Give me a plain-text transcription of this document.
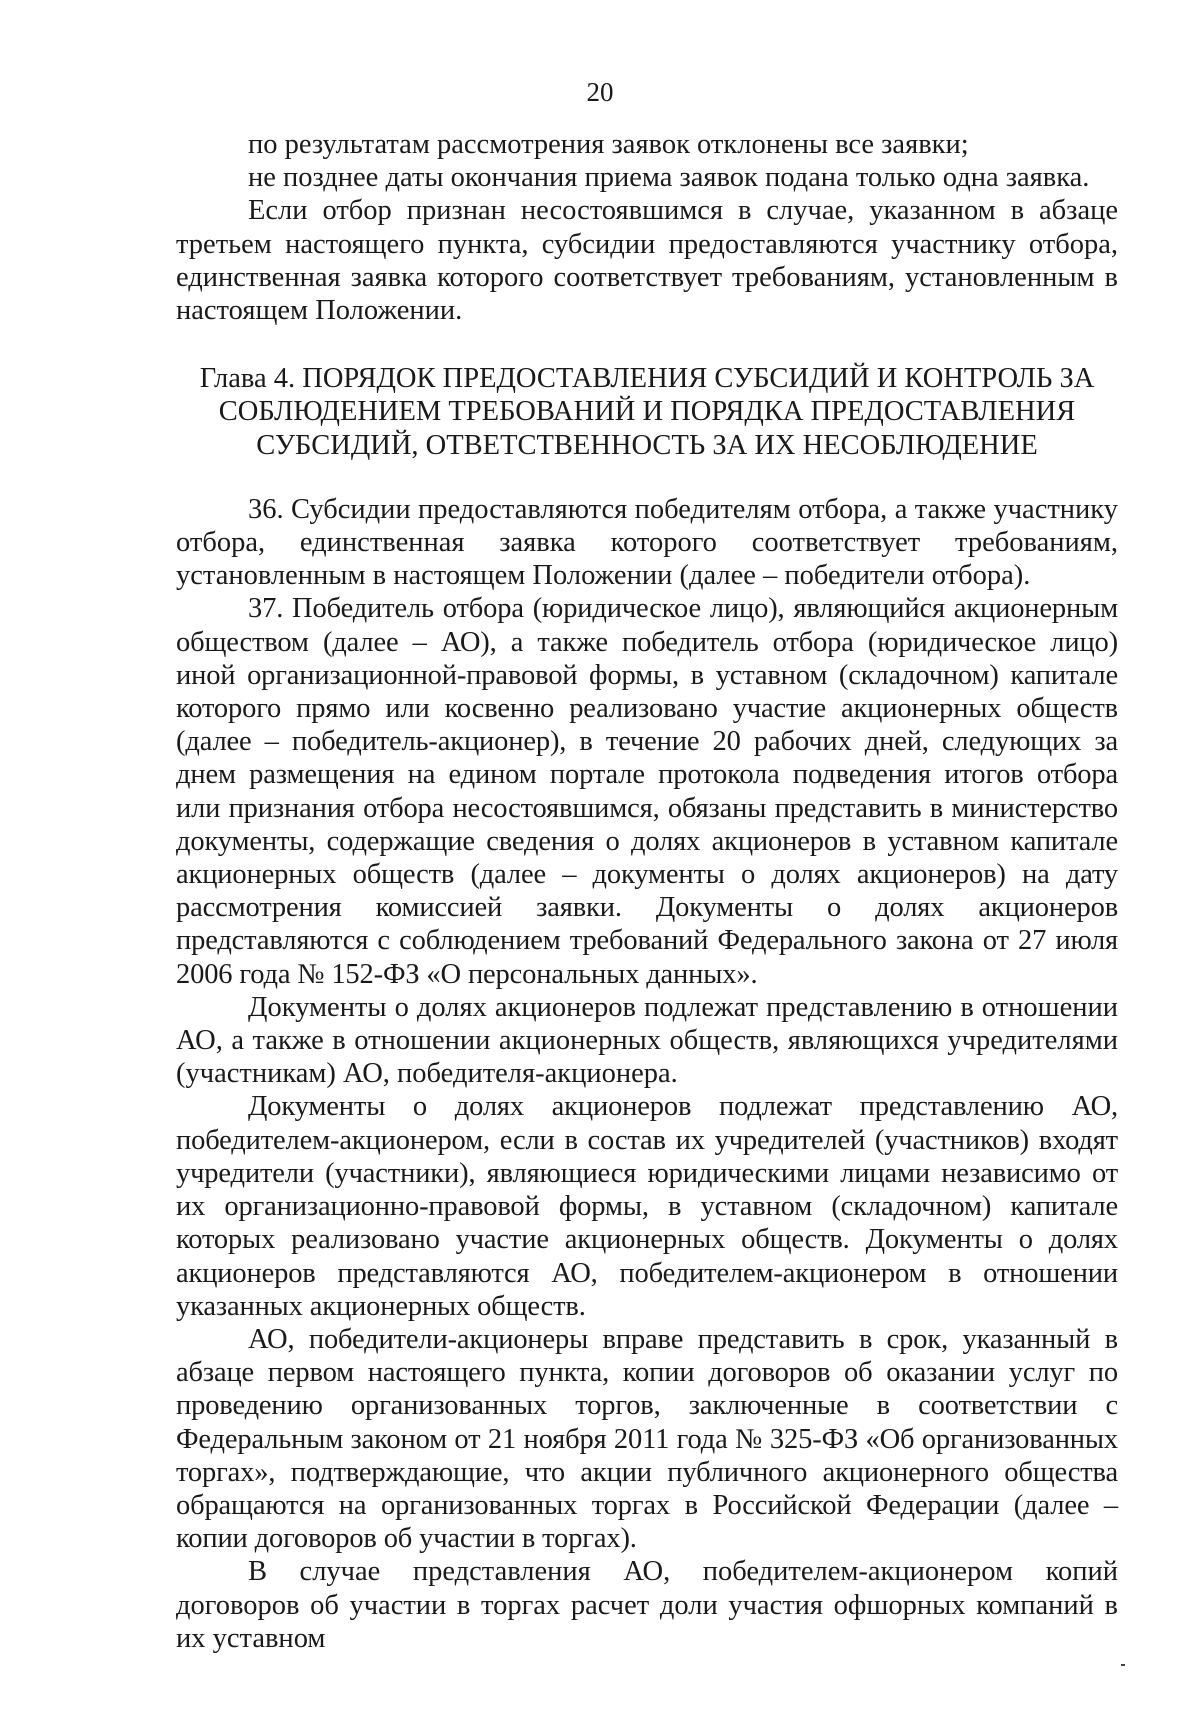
20

по результатам рассмотрения заявок отклонены все заявки;

не позднее даты окончания приема заявок подана только одна заявка.

Если отбор признан несостоявшимся в случае, указанном в абзаце третьем настоящего пункта, субсидии предоставляются участнику отбора, единственная заявка которого соответствует требованиям, установленным в настоящем Положении.

Глава 4. ПОРЯДОК ПРЕДОСТАВЛЕНИЯ СУБСИДИЙ И КОНТРОЛЬ ЗА
СОБЛЮДЕНИЕМ ТРЕБОВАНИЙ И ПОРЯДКА ПРЕДОСТАВЛЕНИЯ
СУБСИДИЙ, ОТВЕТСТВЕННОСТЬ ЗА ИХ НЕСОБЛЮДЕНИЕ

36. Субсидии предоставляются победителям отбора, а также участнику отбора, единственная заявка которого соответствует требованиям, установленным в настоящем Положении (далее – победители отбора).

37. Победитель отбора (юридическое лицо), являющийся акционерным обществом (далее – АО), а также победитель отбора (юридическое лицо) иной организационной-правовой формы, в уставном (складочном) капитале которого прямо или косвенно реализовано участие акционерных обществ (далее – победитель-акционер), в течение 20 рабочих дней, следующих за днем размещения на едином портале протокола подведения итогов отбора или признания отбора несостоявшимся, обязаны представить в министерство документы, содержащие сведения о долях акционеров в уставном капитале акционерных обществ (далее – документы о долях акционеров) на дату рассмотрения комиссией заявки. Документы о долях акционеров представляются с соблюдением требований Федерального закона от 27 июля 2006 года № 152-ФЗ «О персональных данных».

Документы о долях акционеров подлежат представлению в отношении АО, а также в отношении акционерных обществ, являющихся учредителями (участникам) АО, победителя-акционера.

Документы о долях акционеров подлежат представлению АО, победителем-акционером, если в состав их учредителей (участников) входят учредители (участники), являющиеся юридическими лицами независимо от их организационно-правовой формы, в уставном (складочном) капитале которых реализовано участие акционерных обществ. Документы о долях акционеров представляются АО, победителем-акционером в отношении указанных акционерных обществ.

АО, победители-акционеры вправе представить в срок, указанный в абзаце первом настоящего пункта, копии договоров об оказании услуг по проведению организованных торгов, заключенные в соответствии с Федеральным законом от 21 ноября 2011 года № 325-ФЗ «Об организованных торгах», подтверждающие, что акции публичного акционерного общества обращаются на организованных торгах в Российской Федерации (далее – копии договоров об участии в торгах).

В случае представления АО, победителем-акционером копий договоров об участии в торгах расчет доли участия офшорных компаний в их уставном
